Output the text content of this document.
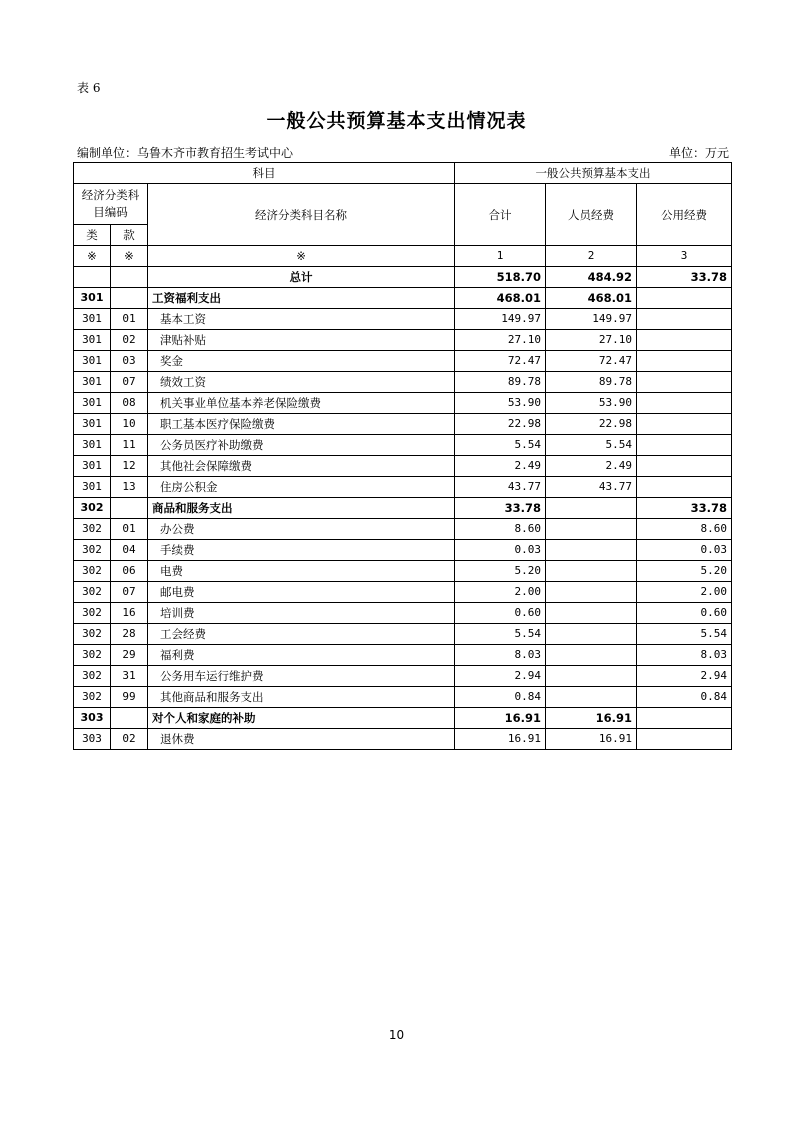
表 6
一般公共预算基本支出情况表
编制单位：乌鲁木齐市教育招生考试中心	单位：万元
科目			一般公共预算基本支出		
经济分类科目编码		经济分类科目名称	合计	人员经费	公用经费
类	款				
※	※	※	1	2	3
		总计	518.70	484.92	33.78
301		工资福利支出	468.01	468.01	
301	01	基本工资	149.97	149.97	
301	02	津贴补贴	27.10	27.10	
301	03	奖金	72.47	72.47	
301	07	绩效工资	89.78	89.78	
301	08	机关事业单位基本养老保险缴费	53.90	53.90	
301	10	职工基本医疗保险缴费	22.98	22.98	
301	11	公务员医疗补助缴费	5.54	5.54	
301	12	其他社会保障缴费	2.49	2.49	
301	13	住房公积金	43.77	43.77	
302		商品和服务支出	33.78		33.78
302	01	办公费	8.60		8.60
302	04	手续费	0.03		0.03
302	06	电费	5.20		5.20
302	07	邮电费	2.00		2.00
302	16	培训费	0.60		0.60
302	28	工会经费	5.54		5.54
302	29	福利费	8.03		8.03
302	31	公务用车运行维护费	2.94		2.94
302	99	其他商品和服务支出	0.84		0.84
303		对个人和家庭的补助	16.91	16.91	
303	02	退休费	16.91	16.91	
10
